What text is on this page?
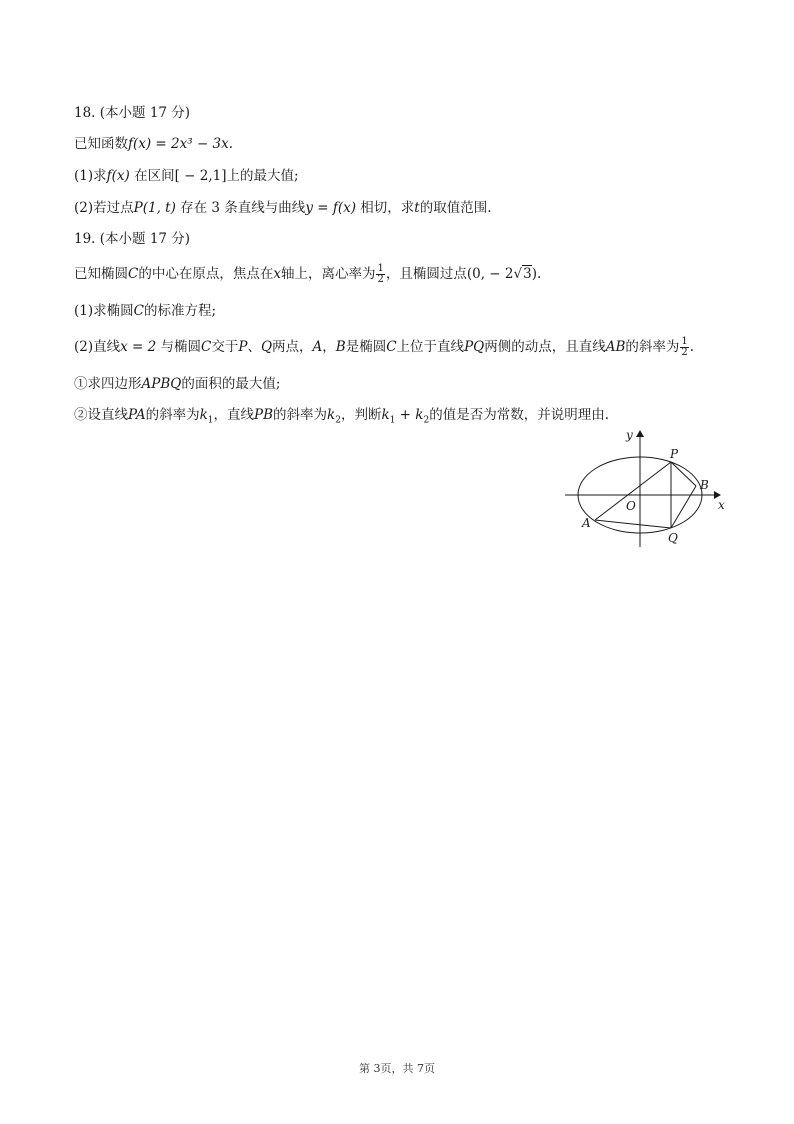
18. (本小题 17 分)
已知函数f(x) = 2x³ − 3x.
(1)求f(x) 在区间[ − 2,1]上的最大值;
(2)若过点P(1, t) 存在 3 条直线与曲线y = f(x) 相切，求t的取值范围.
19. (本小题 17 分)
已知椭圆C的中心在原点，焦点在x轴上，离心率为 $\frac{1}{2}$ ，且椭圆过点(0, − 2√3).
(1)求椭圆C的标准方程;
(2)直线x = 2 与椭圆C交于P、Q两点，A，B是椭圆C上位于直线PQ两侧的动点，且直线AB的斜率为 $\frac{1}{2}$ .
①求四边形APBQ的面积的最大值;
②设直线PA的斜率为$k_1$，直线PB的斜率为$k_2$，判断$k_1 + k_2$的值是否为常数，并说明理由.
y
x
P
B
O
A
Q
第 3页，共 7页
